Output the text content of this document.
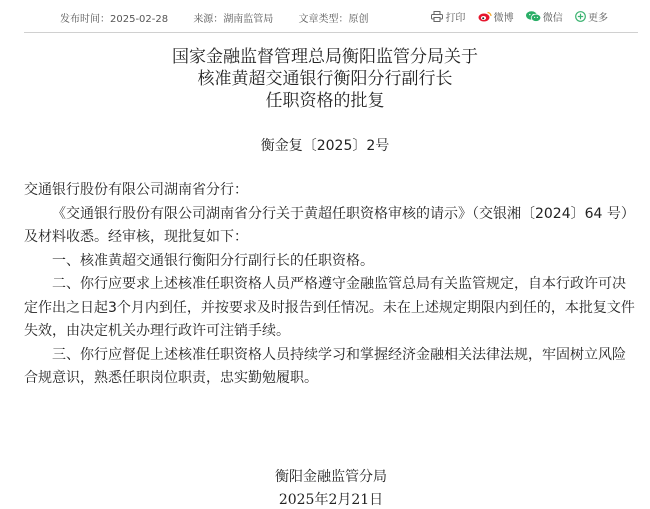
发布时间：2025-02-28	来源：湖南监管局	文章类型：原创	打印
	微博
	微信
	更多
国家金融监督管理总局衡阳监管分局关于
核准黄超交通银行衡阳分行副行长
任职资格的批复
衡金复〔2025〕2号

交通银行股份有限公司湖南省分行：

《交通银行股份有限公司湖南省分行关于黄超任职资格审核的请示》（交银湘〔2024〕64 号）及材料收悉。经审核，现批复如下：

一、核准黄超交通银行衡阳分行副行长的任职资格。

二、你行应要求上述核准任职资格人员严格遵守金融监管总局有关监管规定，自本行政许可决定作出之日起3个月内到任，并按要求及时报告到任情况。未在上述规定期限内到任的，本批复文件失效，由决定机关办理行政许可注销手续。

三、你行应督促上述核准任职资格人员持续学习和掌握经济金融相关法律法规，牢固树立风险合规意识，熟悉任职岗位职责，忠实勤勉履职。

衡阳金融监管分局
2025年2月21日
